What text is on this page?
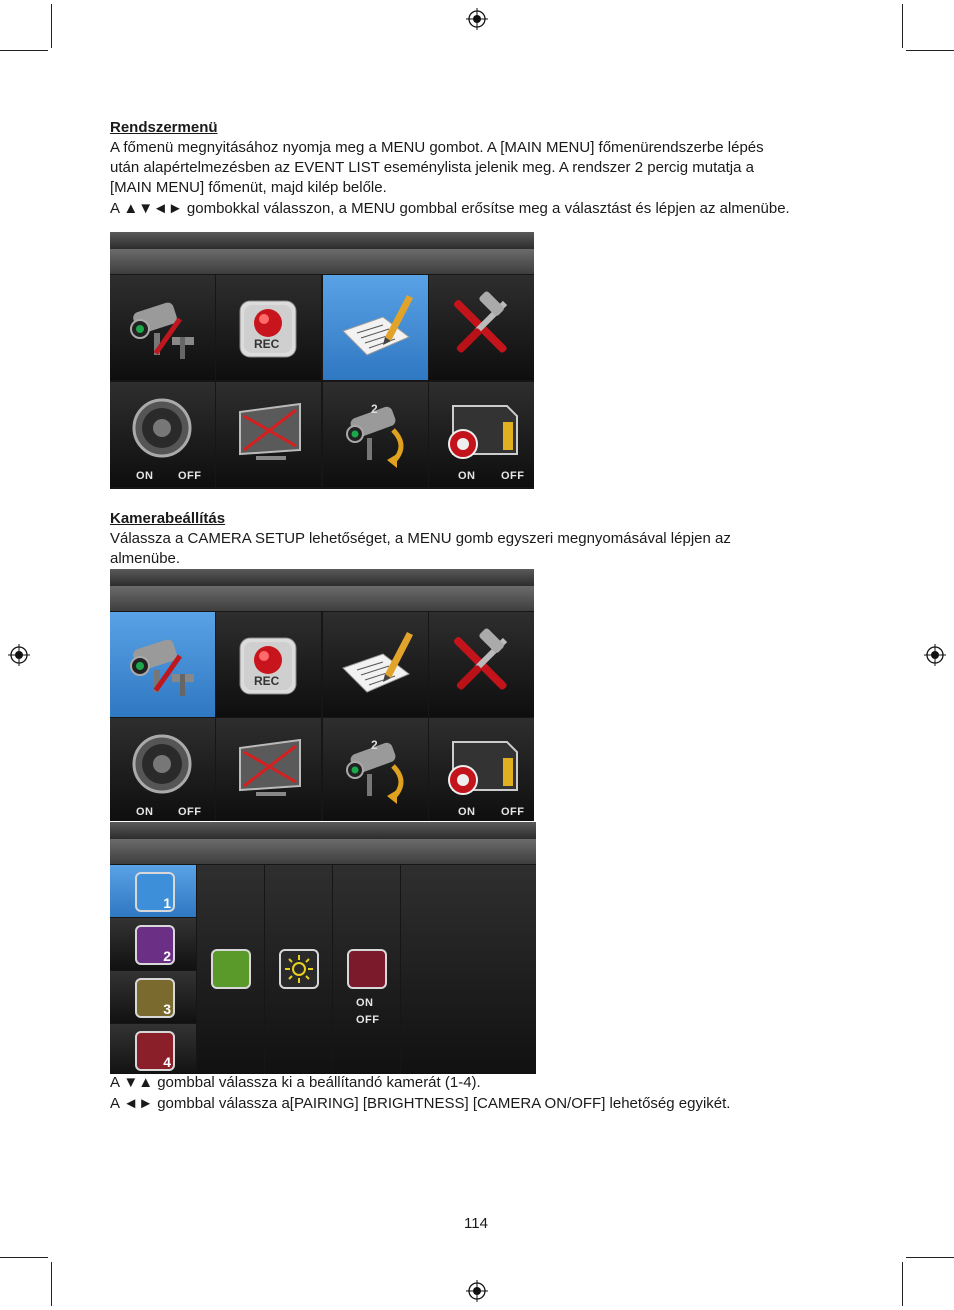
Rendszermenü
A főmenü megnyitásához nyomja meg a MENU gombot. A [MAIN MENU] főmenürendszerbe lépés
után alapértelmezésben az EVENT LIST eseménylista jelenik meg. A rendszer 2 percig mutatja a
[MAIN MENU] főmenüt, majd kilép belőle.
A ▲▼◄► gombokkal válasszon, a MENU gombbal erősítse meg a választást és lépjen az almenübe.
REC
ON OFF
2
ON OFF
Kamerabeállítás
Válassza a CAMERA SETUP lehetőséget, a MENU gomb egyszeri megnyomásával lépjen az
almenübe.
REC
ON OFF
2
ON OFF
1
2
3
4
ON
OFF
A ▼▲ gombbal válassza ki a beállítandó kamerát (1-4).
A ◄► gombbal válassza a[PAIRING] [BRIGHTNESS] [CAMERA ON/OFF] lehetőség egyikét.
114
